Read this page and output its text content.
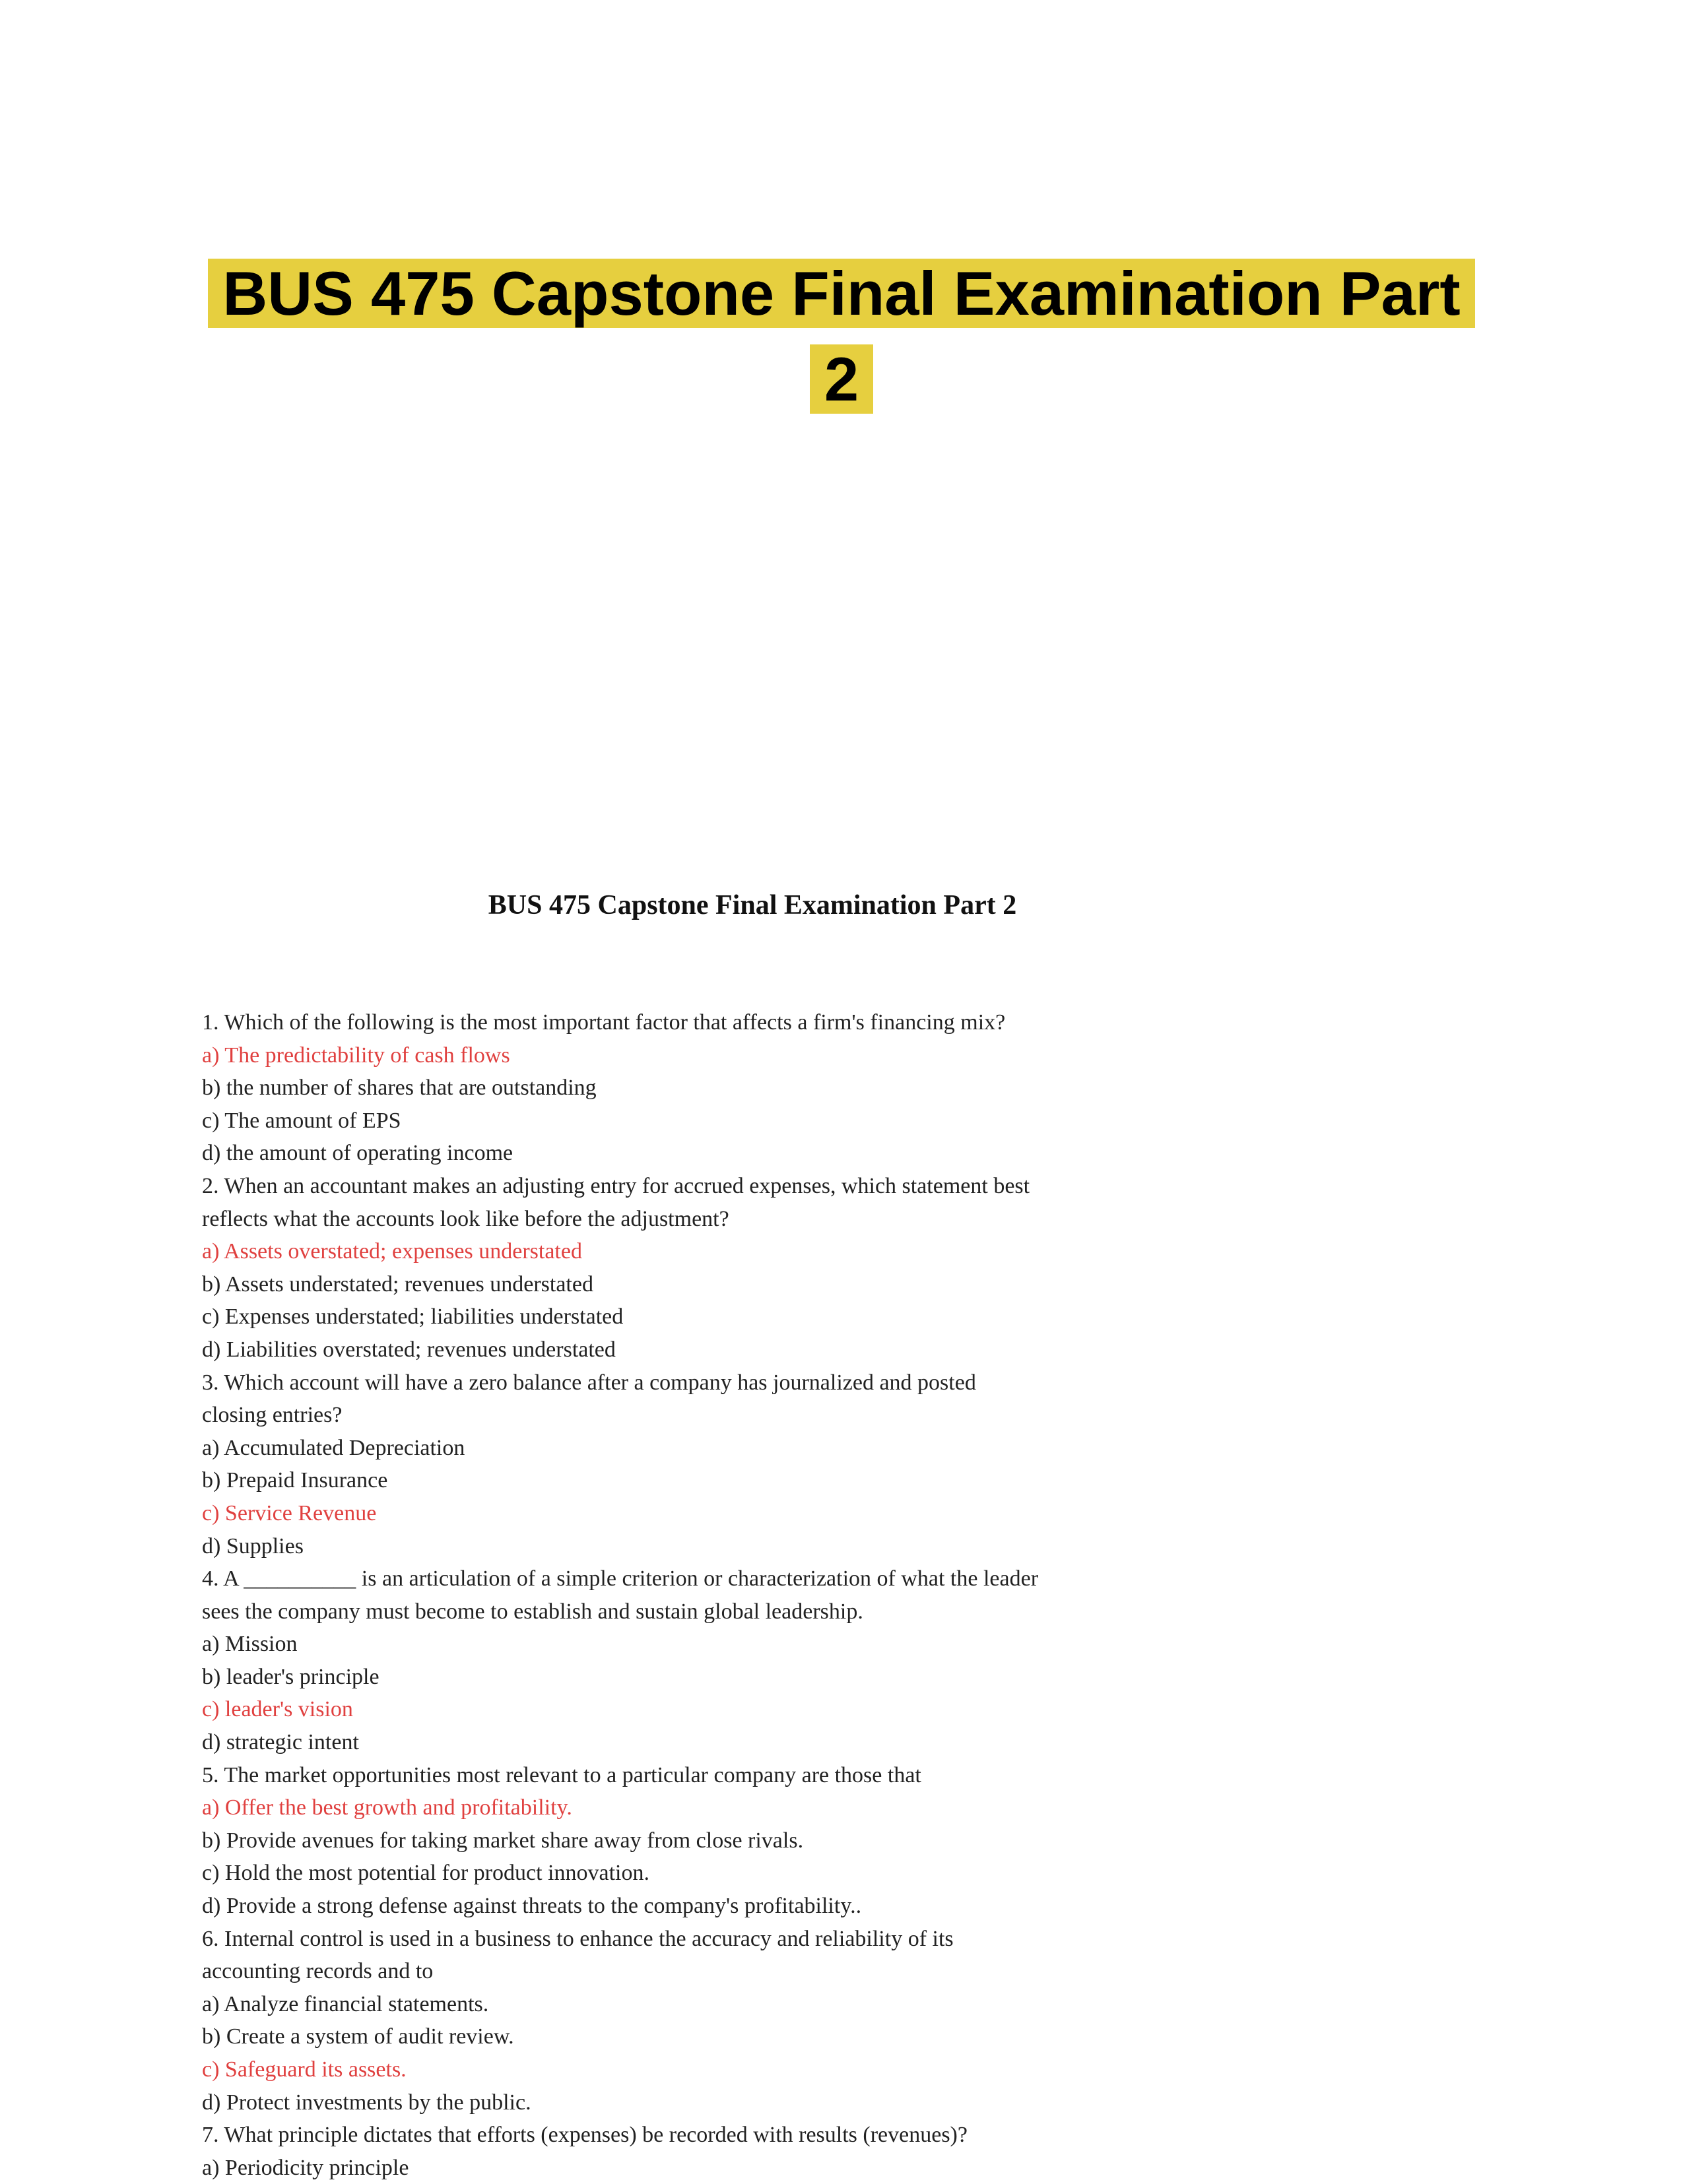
BUS 475 Capstone Final Examination Part
2
BUS 475 Capstone Final Examination Part 2
1. Which of the following is the most important factor that affects a firm's financing mix?
a) The predictability of cash flows
b) the number of shares that are outstanding
c) The amount of EPS
d) the amount of operating income
2. When an accountant makes an adjusting entry for accrued expenses, which statement best
reflects what the accounts look like before the adjustment?
a) Assets overstated; expenses understated
b) Assets understated; revenues understated
c) Expenses understated; liabilities understated
d) Liabilities overstated; revenues understated
3. Which account will have a zero balance after a company has journalized and posted
closing entries?
a) Accumulated Depreciation
b) Prepaid Insurance
c) Service Revenue
d) Supplies
4. A __________ is an articulation of a simple criterion or characterization of what the leader
sees the company must become to establish and sustain global leadership.
a) Mission
b) leader's principle
c) leader's vision
d) strategic intent
5. The market opportunities most relevant to a particular company are those that
a) Offer the best growth and profitability.
b) Provide avenues for taking market share away from close rivals.
c) Hold the most potential for product innovation.
d) Provide a strong defense against threats to the company's profitability..
6. Internal control is used in a business to enhance the accuracy and reliability of its
accounting records and to
a) Analyze financial statements.
b) Create a system of audit review.
c) Safeguard its assets.
d) Protect investments by the public.
7. What principle dictates that efforts (expenses) be recorded with results (revenues)?
a) Periodicity principle
